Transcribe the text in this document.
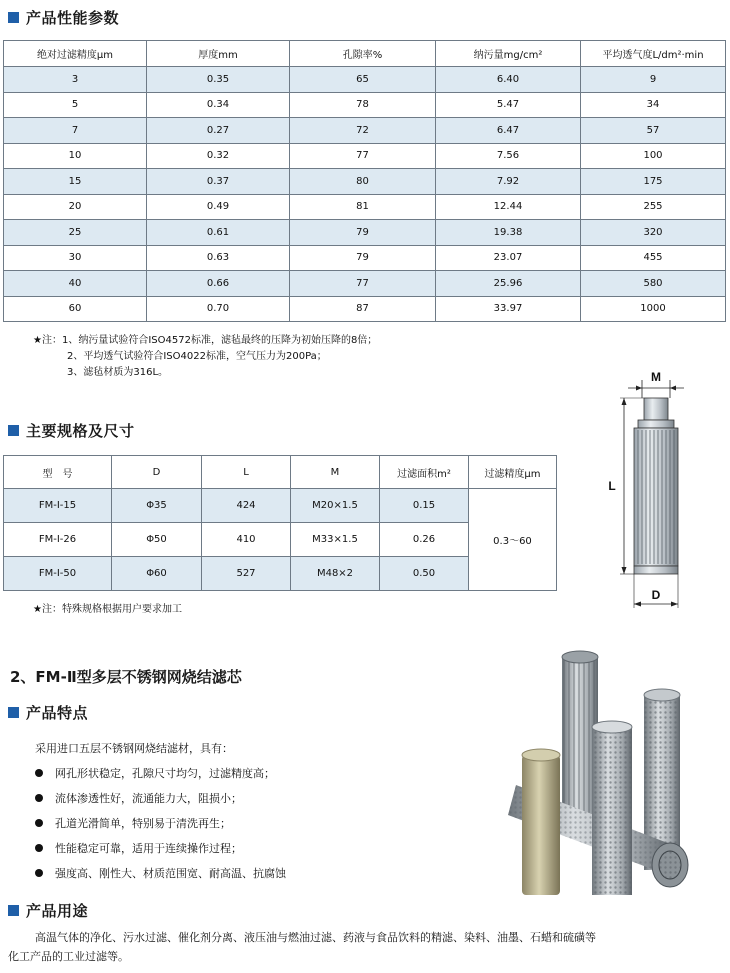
产品性能参数
绝对过滤精度μm	厚度mm	孔隙率%	纳污量mg/cm²	平均透气度L/dm²·min
3	0.35	65	6.40	9
5	0.34	78	5.47	34
7	0.27	72	6.47	57
10	0.32	77	7.56	100
15	0.37	80	7.92	175
20	0.49	81	12.44	255
25	0.61	79	19.38	320
30	0.63	79	23.07	455
40	0.66	77	25.96	580
60	0.70	87	33.97	1000
★注：1、纳污量试验符合ISO4572标准，滤毡最终的压降为初始压降的8倍；
2、平均透气试验符合ISO4022标准，空气压力为200Pa；
3、滤毡材质为316L。
主要规格及尺寸
型　号	D	L	M	过滤面积m²	过滤精度μm
FM-Ⅰ-15	Φ35	424	M20×1.5	0.15	0.3～60
FM-Ⅰ-26	Φ50	410	M33×1.5	0.26	
FM-Ⅰ-50	Φ60	527	M48×2	0.50	
★注：特殊规格根据用户要求加工
M
L
D
2、FM-Ⅱ型多层不锈钢网烧结滤芯
产品特点
采用进口五层不锈钢网烧结滤材，具有：
网孔形状稳定，孔隙尺寸均匀，过滤精度高；
流体渗透性好，流通能力大，阻损小；
孔道光滑简单，特别易于清洗再生；
性能稳定可靠，适用于连续操作过程；
强度高、刚性大、材质范围宽、耐高温、抗腐蚀
产品用途
高温气体的净化、污水过滤、催化剂分离、液压油与燃油过滤、药液与食品饮料的精滤、染料、油墨、石蜡和硫磺等
化工产品的工业过滤等。
